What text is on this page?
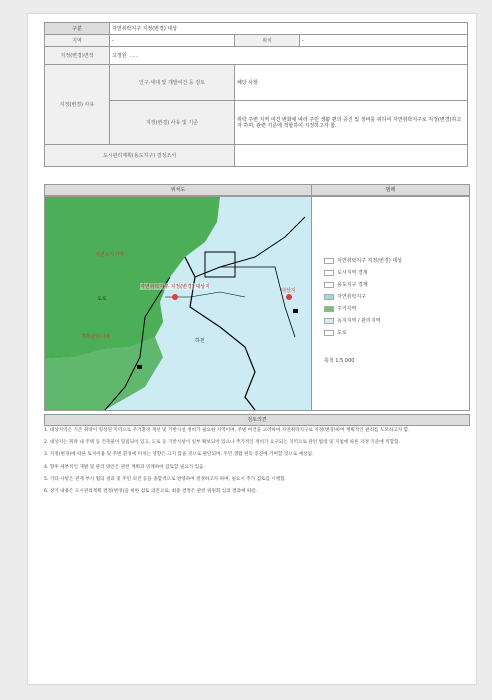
구분	자연취락지구 지정(변경) 대상		
지역	-	위치	-
지정(변경)면적	고정원 ...		
지정(변경) 사유	인구·세대 및 개발여건 등 검토	해당 사항	
	지정(변경) 사유 및 기준	취락 주변 지역 여건 변화에 따라 주민 생활 편의 증진 및 정비를 위하여 자연취락지구로 지정(변경)하고자 하며, 관련 기준에 적합하여 지정하고자 함.	
도시관리계획(용도지구) 결정조서			
위치도	범례
자연녹지지역
자연취락지구 지정(변경) 대상지
도로
계획관리지역
하천
대상지
자연취락지구 지정(변경) 대상
도시지역 경계
용도지구 경계
자연취락지구
주거지역
녹지지역 / 관리지역
도로
축척 1:5,000
검토의견

1. 대상지역은 기존 취락이 형성된 지역으로 주거환경 개선 및 기반시설 정비가 필요한 지역이며, 주변 여건을 고려하여 자연취락지구로 지정(변경)하여 계획적인 관리를 도모하고자 함.

2. 대상지는 취락 내 주택 등 건축물이 밀집되어 있고, 도로 등 기반시설이 일부 확보되어 있으나 추가적인 정비가 요구되는 지역으로 관련 법령 및 지침에 따른 지정 기준에 적합함.

3. 지정(변경)에 따른 토지이용 및 주변 환경에 미치는 영향은 크지 않을 것으로 판단되며, 주민 생활 편의 증진에 기여할 것으로 예상됨.

4. 향후 세부적인 개발 및 관리 방안은 관련 계획과 연계하여 검토할 필요가 있음.

5. 기타 사항은 관계 부서 협의 결과 및 주민 의견 등을 종합적으로 반영하여 결정하고자 하며, 필요시 추가 검토를 시행함.

6. 상기 내용은 도시관리계획 결정(변경)을 위한 검토 의견으로, 최종 결정은 관련 위원회 심의 결과에 따름.
